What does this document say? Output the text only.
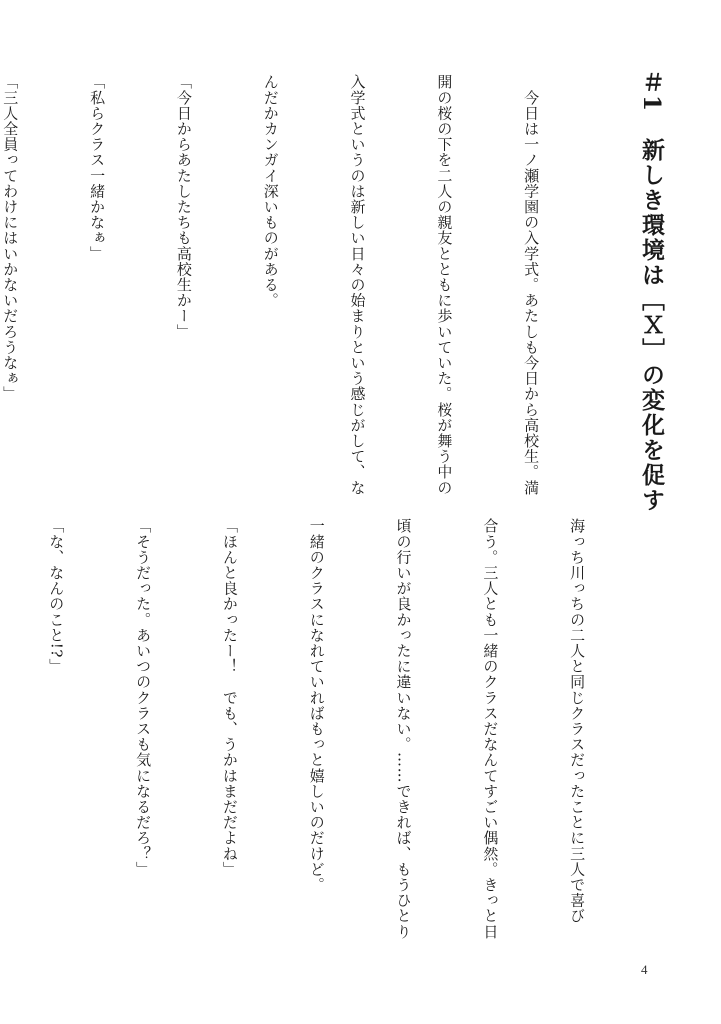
＃1　新しき環境は［Ｘ］の変化を促す

　今日は一ノ瀬学園の入学式。あたしも今日から高校生。満

開の桜の下を二人の親友とともに歩いていた。桜が舞う中の

入学式というのは新しい日々の始まりという感じがして、な

んだかカンガイ深いものがある。

「今日からあたしたちも高校生かー」

「私らクラス一緒かなぁ」

「三人全員ってわけにはいかないだろうなぁ」

海っち川っちの二人と同じクラスだったことに三人で喜び

合う。三人とも一緒のクラスだなんてすごい偶然。きっと日

頃の行いが良かったに違いない。……できれば、もうひとり

一緒のクラスになれていればもっと嬉しいのだけど。

「ほんと良かったー！　でも、うかはまだだよね」

「そうだった。あいつのクラスも気になるだろ？」

「な、なんのこと!?」

4
